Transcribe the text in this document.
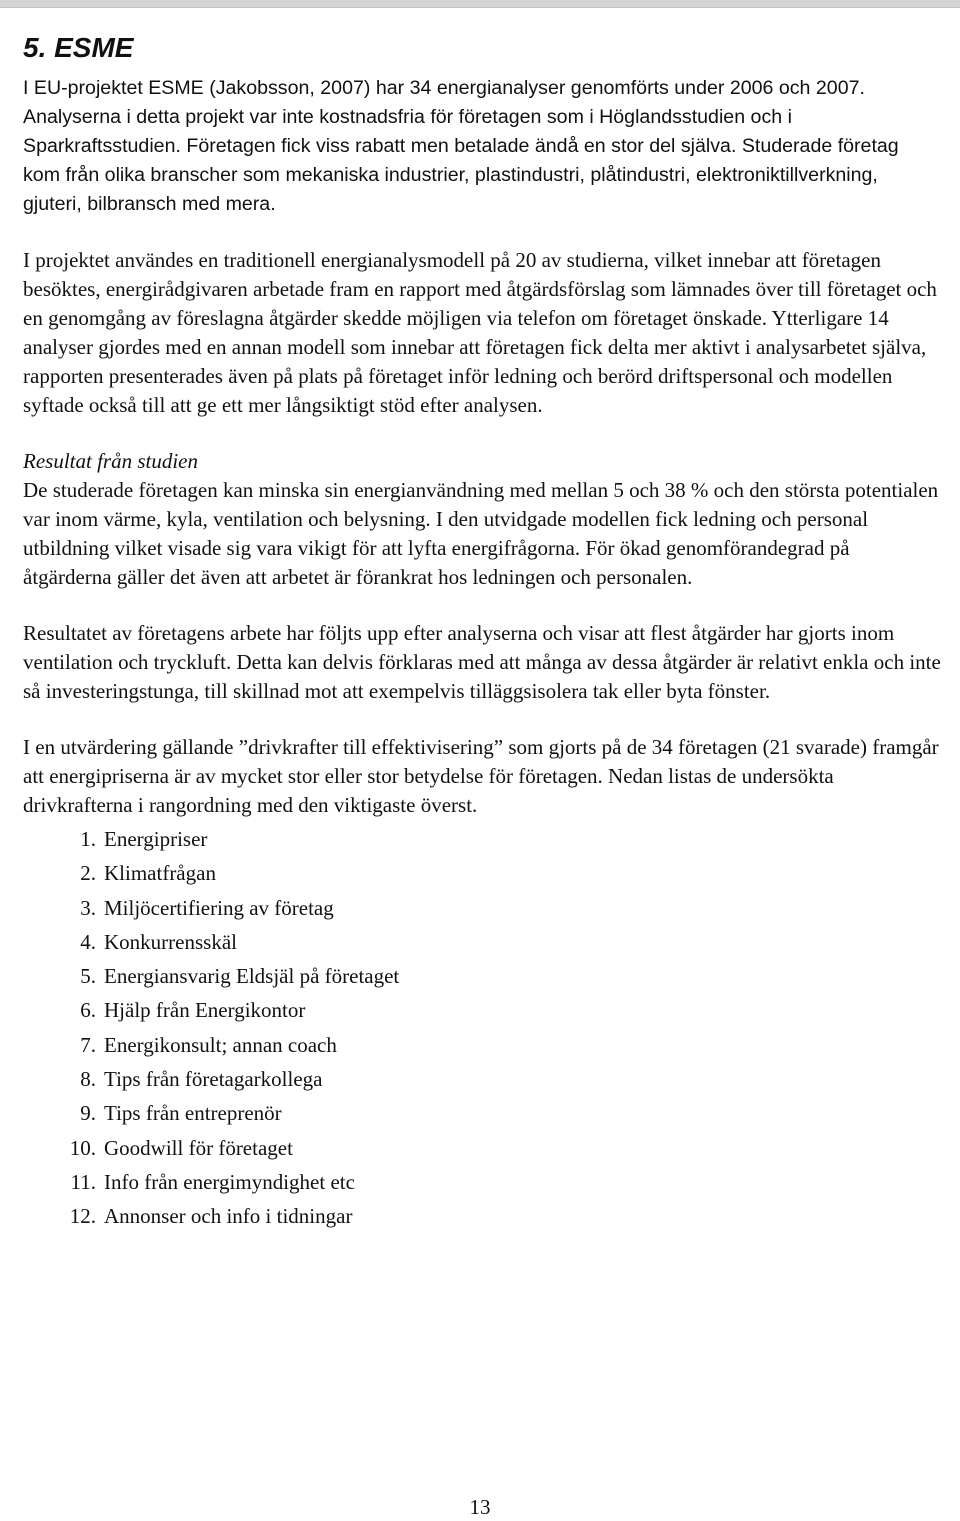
5. ESME

I EU-projektet ESME (Jakobsson, 2007) har 34 energianalyser genomförts under 2006 och 2007. Analyserna i detta projekt var inte kostnadsfria för företagen som i Höglandsstudien och i Sparkraftsstudien. Företagen fick viss rabatt men betalade ändå en stor del själva. Studerade företag kom från olika branscher som mekaniska industrier, plastindustri, plåtindustri, elektroniktillverkning, gjuteri, bilbransch med mera.

I projektet användes en traditionell energianalysmodell på 20 av studierna, vilket innebar att företagen besöktes, energirådgivaren arbetade fram en rapport med åtgärdsförslag som lämnades över till företaget och en genomgång av föreslagna åtgärder skedde möjligen via telefon om företaget önskade. Ytterligare 14 analyser gjordes med en annan modell som innebar att företagen fick delta mer aktivt i analysarbetet själva, rapporten presenterades även på plats på företaget inför ledning och berörd driftspersonal och modellen syftade också till att ge ett mer långsiktigt stöd efter analysen.

Resultat från studien

De studerade företagen kan minska sin energianvändning med mellan 5 och 38 % och den största potentialen var inom värme, kyla, ventilation och belysning. I den utvidgade modellen fick ledning och personal utbildning vilket visade sig vara vikigt för att lyfta energifrågorna. För ökad genomförandegrad på åtgärderna gäller det även att arbetet är förankrat hos ledningen och personalen.

Resultatet av företagens arbete har följts upp efter analyserna och visar att flest åtgärder har gjorts inom ventilation och tryckluft. Detta kan delvis förklaras med att många av dessa åtgärder är relativt enkla och inte så investeringstunga, till skillnad mot att exempelvis tilläggsisolera tak eller byta fönster.

I en utvärdering gällande ”drivkrafter till effektivisering” som gjorts på de 34 företagen (21 svarade) framgår att energipriserna är av mycket stor eller stor betydelse för företagen. Nedan listas de undersökta drivkrafterna i rangordning med den viktigaste överst.

1. Energipriser
2. Klimatfrågan
3. Miljöcertifiering av företag
4. Konkurrensskäl
5. Energiansvarig Eldsjäl på företaget
6. Hjälp från Energikontor
7. Energikonsult; annan coach
8. Tips från företagarkollega
9. Tips från entreprenör
10. Goodwill för företaget
11. Info från energimyndighet etc
12. Annonser och info i tidningar
13
